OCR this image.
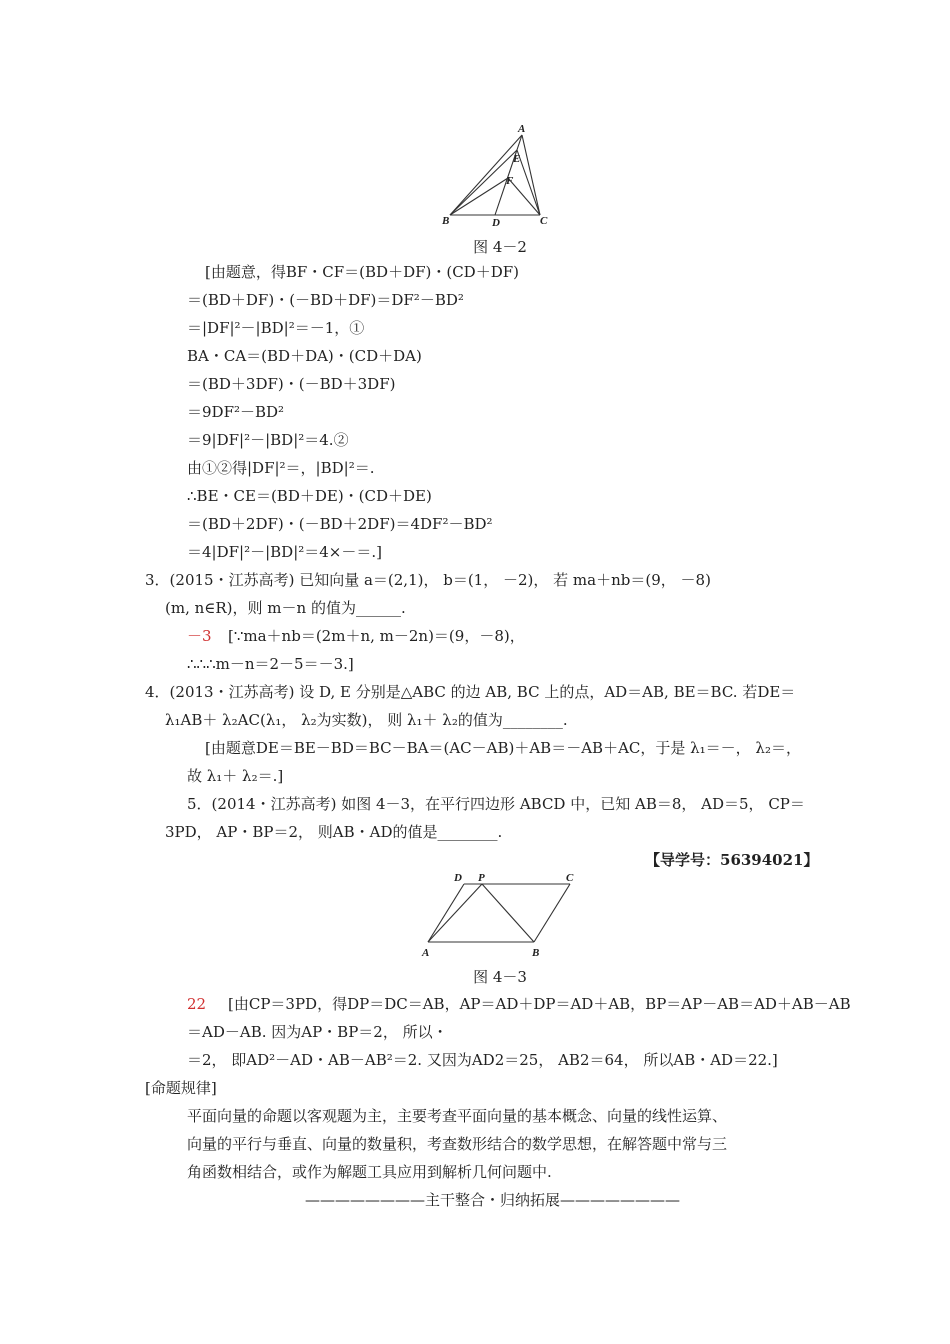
A
B	C
D
E
F
图 4－2
[由题意，得BF・CF＝(BD＋DF)・(CD＋DF)
＝(BD＋DF)・(－BD＋DF)＝DF²－BD²
＝|DF|²－|BD|²＝－1，①
BA・CA＝(BD＋DA)・(CD＋DA)
＝(BD＋3DF)・(－BD＋3DF)
＝9DF²－BD²
＝9|DF|²－|BD|²＝4.②
由①②得|DF|²＝，|BD|²＝.
∴BE・CE＝(BD＋DE)・(CD＋DE)
＝(BD＋2DF)・(－BD＋2DF)＝4DF²－BD²
＝4|DF|²－|BD|²＝4×－＝.]
3．(2015・江苏高考) 已知向量 a＝(2,1)， b＝(1， －2)， 若 ma＋nb＝(9， －8)
(m, n∈R)，则 m－n 的值为______.
－3 [∵ma＋nb＝(2m＋n, m－2n)＝(9，－8)，
∴∴∴m－n＝2－5＝－3.]
4．(2013・江苏高考) 设 D, E 分别是△ABC 的边 AB, BC 上的点，AD＝AB, BE＝BC. 若DE＝
λ₁AB＋ λ₂AC(λ₁， λ₂为实数)， 则 λ₁＋ λ₂的值为________.
[由题意DE＝BE－BD＝BC－BA＝(AC－AB)＋AB＝－AB＋AC，于是 λ₁＝－， λ₂＝，
故 λ₁＋ λ₂＝.]
5．(2014・江苏高考) 如图 4－3，在平行四边形 ABCD 中，已知 AB＝8， AD＝5， CP＝
3PD， AP・BP＝2， 则AB・AD的值是________.
【导学号：56394021】
A	B
C
D P
图 4－3
22 [由CP＝3PD，得DP＝DC＝AB，AP＝AD＋DP＝AD＋AB，BP＝AP－AB＝AD＋AB－AB
＝AD－AB. 因为AP・BP＝2， 所以・
＝2， 即AD²－AD・AB－AB²＝2. 又因为AD2＝25， AB2＝64， 所以AB・AD＝22.]
[命题规律]
平面向量的命题以客观题为主，主要考查平面向量的基本概念、向量的线性运算、
向量的平行与垂直、向量的数量积，考查数形结合的数学思想，在解答题中常与三
角函数相结合，或作为解题工具应用到解析几何问题中.
————————主干整合・归纳拓展————————
